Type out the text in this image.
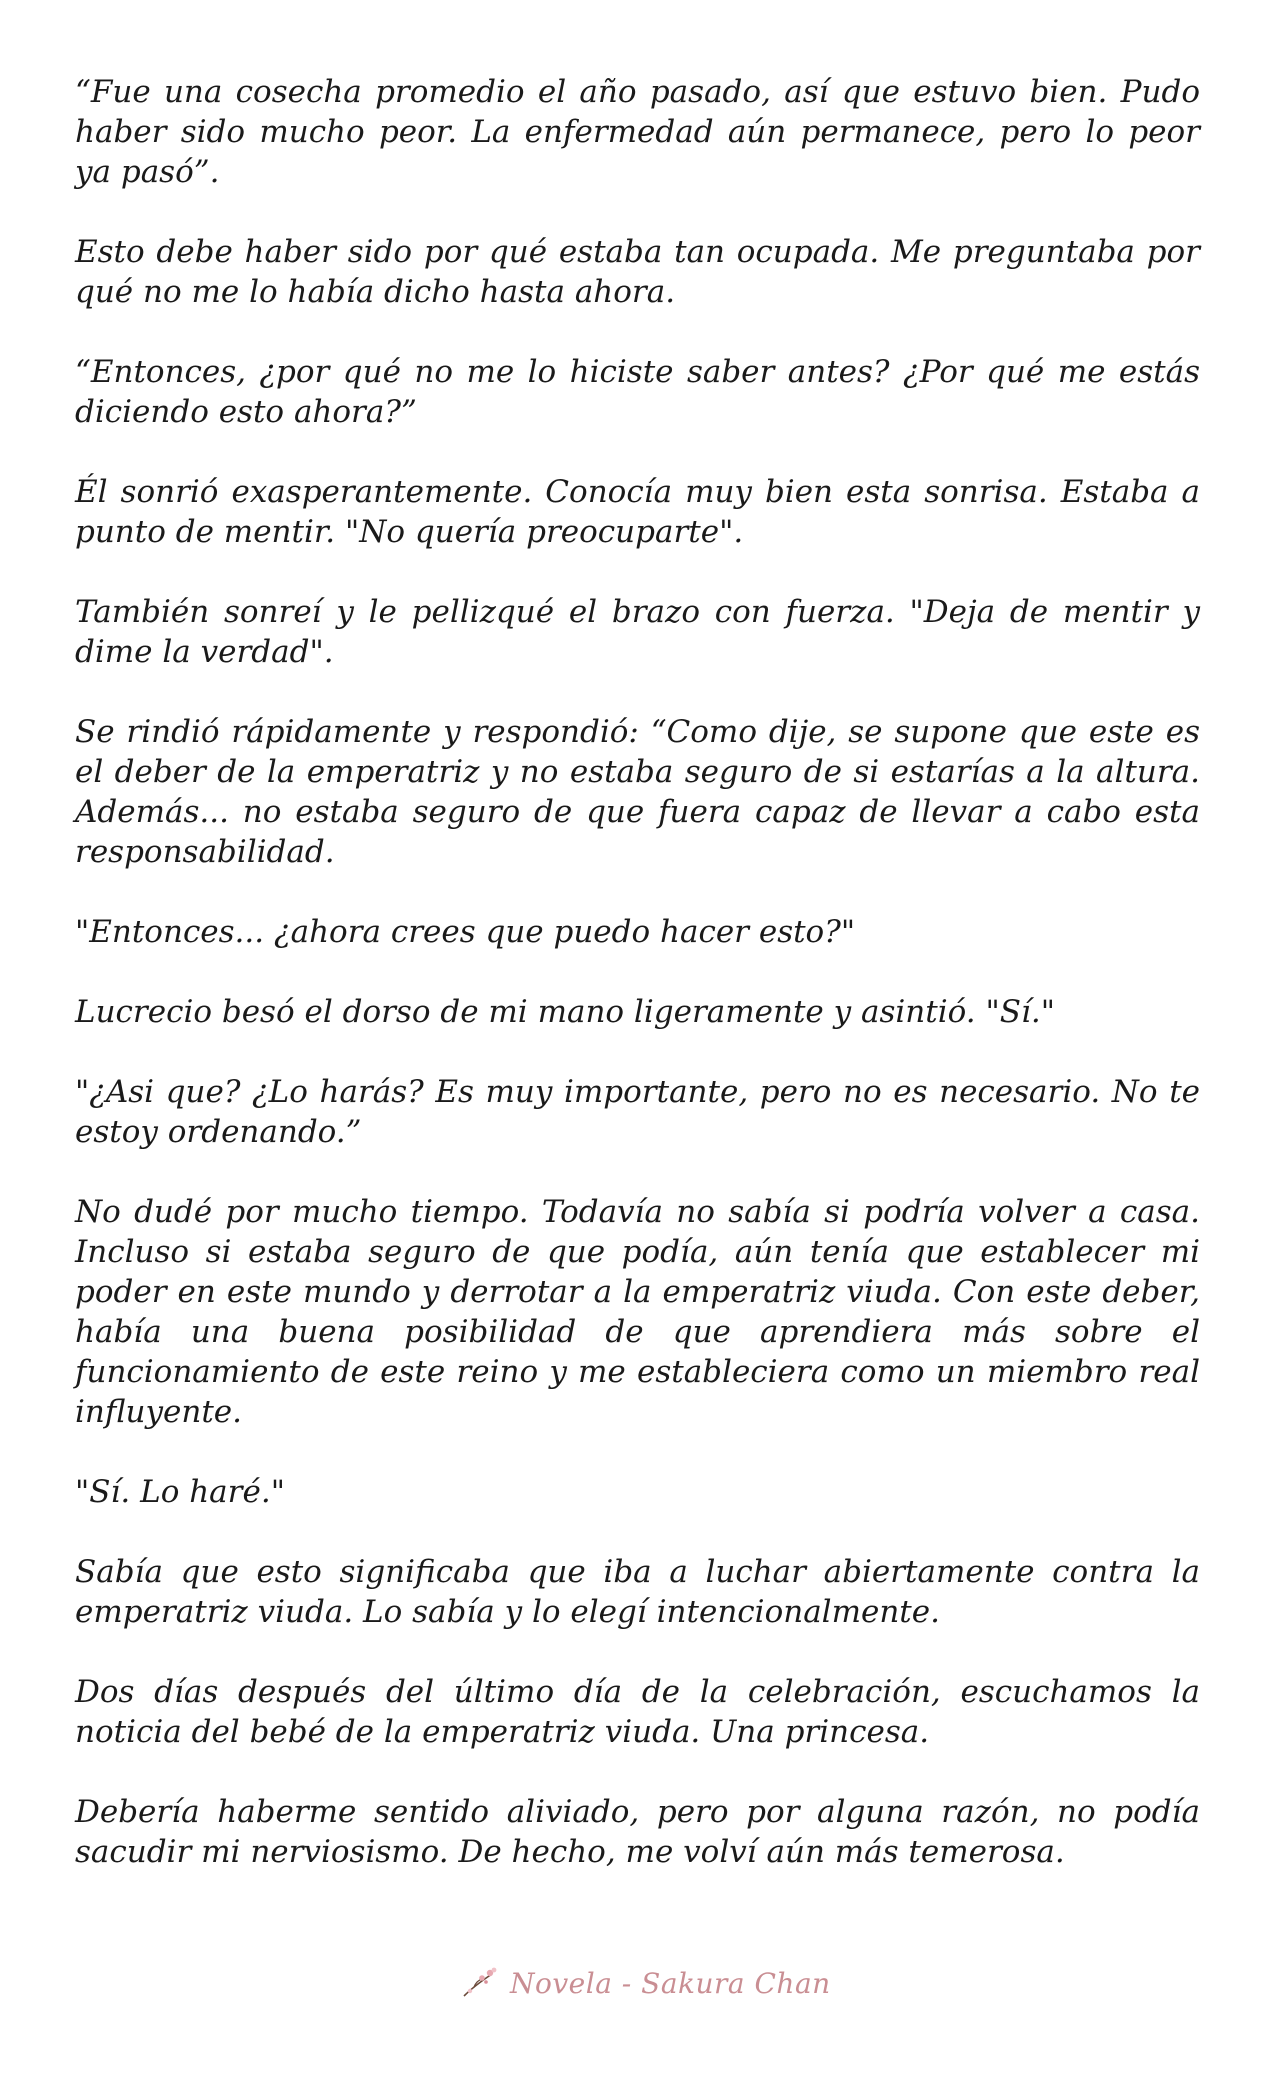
“Fue una cosecha promedio el año pasado, así que estuvo bien. Pudo haber sido mucho peor. La enfermedad aún permanece, pero lo peor ya pasó”.

Esto debe haber sido por qué estaba tan ocupada. Me preguntaba por qué no me lo había dicho hasta ahora.

“Entonces, ¿por qué no me lo hiciste saber antes? ¿Por qué me estás diciendo esto ahora?”

Él sonrió exasperantemente. Conocía muy bien esta sonrisa. Estaba a punto de mentir. "No quería preocuparte".

También sonreí y le pellizqué el brazo con fuerza. "Deja de mentir y dime la verdad".

Se rindió rápidamente y respondió: “Como dije, se supone que este es el deber de la emperatriz y no estaba seguro de si estarías a la altura. Además... no estaba seguro de que fuera capaz de llevar a cabo esta responsabilidad.

"Entonces... ¿ahora crees que puedo hacer esto?"

Lucrecio besó el dorso de mi mano ligeramente y asintió. "Sí."

"¿Asi que? ¿Lo harás? Es muy importante, pero no es necesario. No te estoy ordenando.”

No dudé por mucho tiempo. Todavía no sabía si podría volver a casa. Incluso si estaba seguro de que podía, aún tenía que establecer mi poder en este mundo y derrotar a la emperatriz viuda. Con este deber, había una buena posibilidad de que aprendiera más sobre el funcionamiento de este reino y me estableciera como un miembro real influyente.

"Sí. Lo haré."

Sabía que esto significaba que iba a luchar abiertamente contra la emperatriz viuda. Lo sabía y lo elegí intencionalmente.

Dos días después del último día de la celebración, escuchamos la noticia del bebé de la emperatriz viuda. Una princesa.

Debería haberme sentido aliviado, pero por alguna razón, no podía sacudir mi nerviosismo. De hecho, me volví aún más temerosa.

Novela - Sakura Chan
